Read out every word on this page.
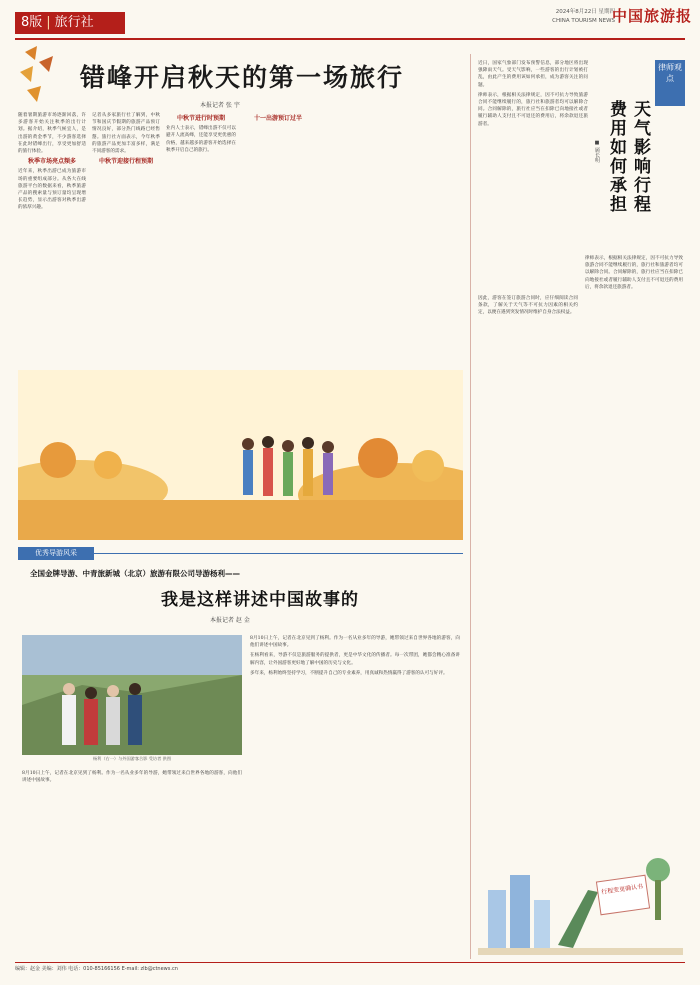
8版 | 旅行社
2024年8月22日 星期四
CHINA TOURISM NEWS
中国旅游报
错峰开启秋天的第一场旅行
本报记者 张 宇

随着暑期旅游市场逐渐回落，许多游客开始关注秋季的出行计划。据介绍，秋季气候宜人，是出游的黄金季节，不少游客选择在此时错峰出行，享受更加舒适的旅行体验。

秋季市场亮点频多

近年来，秋季出游已成为旅游市场的重要组成部分。从各大在线旅游平台的数据来看，秋季旅游产品的搜索量与预订量均呈现增长趋势，显示出游客对秋季出游的浓厚兴趣。

记者从多家旅行社了解到，中秋节和国庆节假期的旅游产品预订情况良好，部分热门线路已经售罄。旅行社方面表示，今年秋季的旅游产品更加丰富多样，满足不同游客的需求。

中秋节迎接行程预期
中秋节进行时预期

业内人士表示，错峰出游不仅可以避开人流高峰，还能享受更优惠的价格，越来越多的游客开始选择在秋季开启自己的旅行。

十一出游预订过半
优秀导游风采
全国金牌导游、中青旅新城（北京）旅游有限公司导游杨利——
我是这样讲述中国故事的
本报记者 赵 金
杨利（右一）与外国游客合影 受访者 供图

8月10日上午，记者在北京见到了杨利。作为一名从业多年的导游，她带领过来自世界各地的游客，向他们讲述中国故事。

在杨利看来，导游不仅是旅游服务的提供者，更是中华文化的传播者。每一次带团，她都会精心准备讲解内容，让外国游客更好地了解中国的历史与文化。

多年来，杨利始终坚持学习，不断提升自己的专业素养，用真诚和热情赢得了游客的认可与好评。

8月10日上午，记者在北京见到了杨利。作为一名从业多年的导游，她带领过来自世界各地的游客，向他们讲述中国故事。

律师观点
天气影响行程
费用如何承担
■ 顾长明

近日，国家气象部门发布预警信息，部分地区将出现强降雨天气。受天气影响，一些游客的出行计划被打乱，由此产生的费用该如何承担，成为游客关注的问题。

律师表示，根据相关法律规定，因不可抗力导致旅游合同不能继续履行的，旅行社和旅游者均可以解除合同。合同解除的，旅行社应当在扣除已向地接社或者履行辅助人支付且不可退还的费用后，将余款退还旅游者。

因此，游客在签订旅游合同时，应仔细阅读合同条款，了解关于天气等不可抗力因素的相关约定，以便在遇到突发情况时维护自身合法权益。

律师表示，根据相关法律规定，因不可抗力导致旅游合同不能继续履行的，旅行社和旅游者均可以解除合同。合同解除的，旅行社应当在扣除已向地接社或者履行辅助人支付且不可退还的费用后，将余款退还旅游者。

行程变更确认书
编辑：赵金 美编：刘伟 电话：010-85166156 E-mail: zlb@ctnews.cn
